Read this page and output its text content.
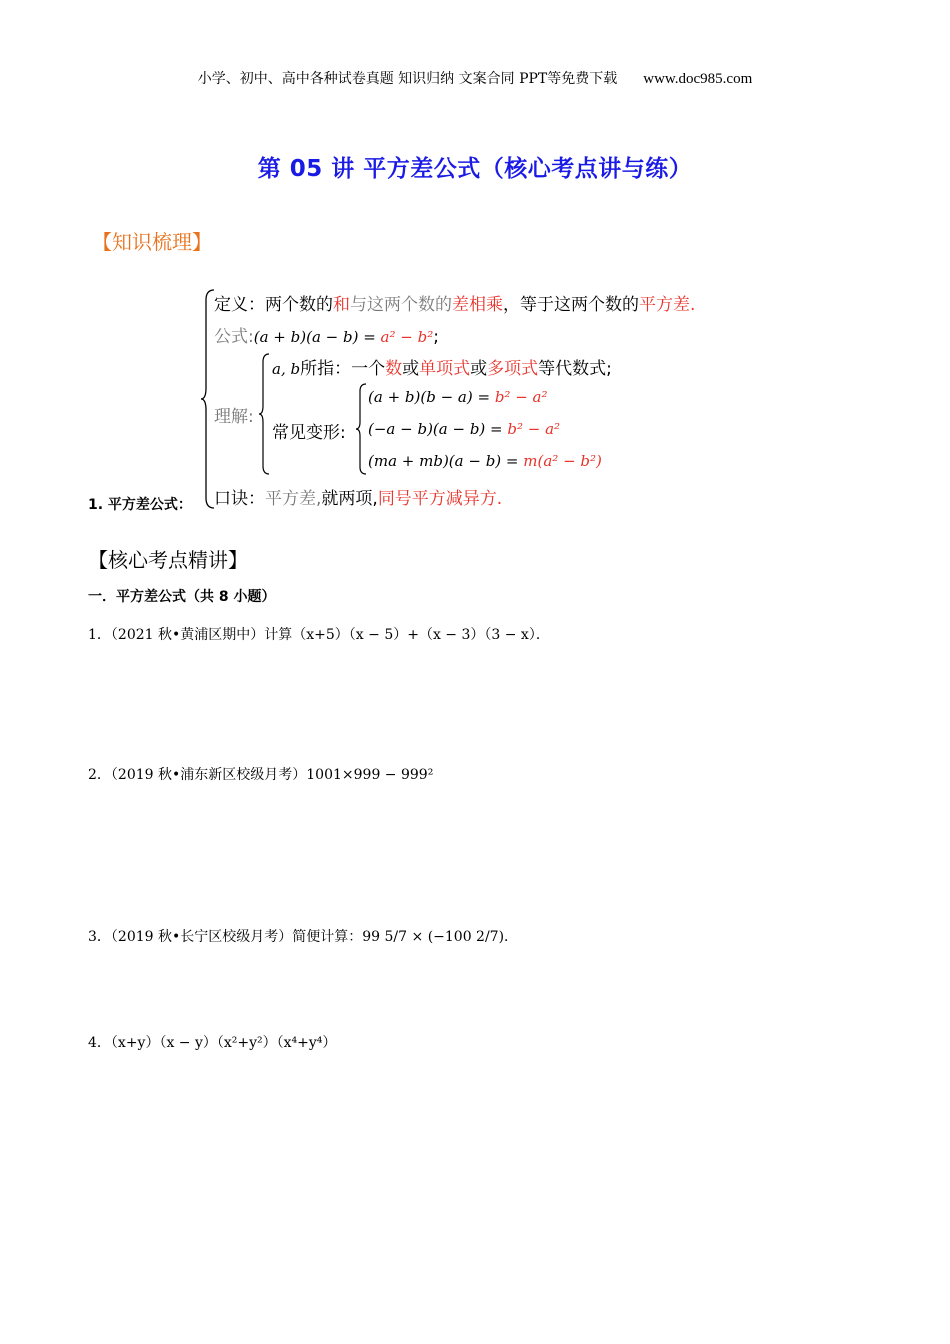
小学、初中、高中各种试卷真题 知识归纳 文案合同 PPT等免费下载 www.doc985.com
第 05 讲 平方差公式（核心考点讲与练）
【知识梳理】
定义：两个数的和与这两个数的差相乘，等于这两个数的平方差.
公式:(a + b)(a − b) = a² − b²;
理解:
a, b所指：一个数或单项式或多项式等代数式;
常见变形:
(a + b)(b − a) = b² − a²
(−a − b)(a − b) = b² − a²
(ma + mb)(a − b) = m(a² − b²)
口诀：平方差,就两项,同号平方减异方.
1. 平方差公式：
【核心考点精讲】
一．平方差公式（共 8 小题）
1．（2021 秋•黄浦区期中）计算（x+5）（x − 5）+（x − 3）（3 − x）．
2．（2019 秋•浦东新区校级月考）1001×999 − 999²
3．（2019 秋•长宁区校级月考）简便计算：99 5/7 × (−100 2/7)．
4．（x+y）（x − y）（x²+y²）（x⁴+y⁴）
